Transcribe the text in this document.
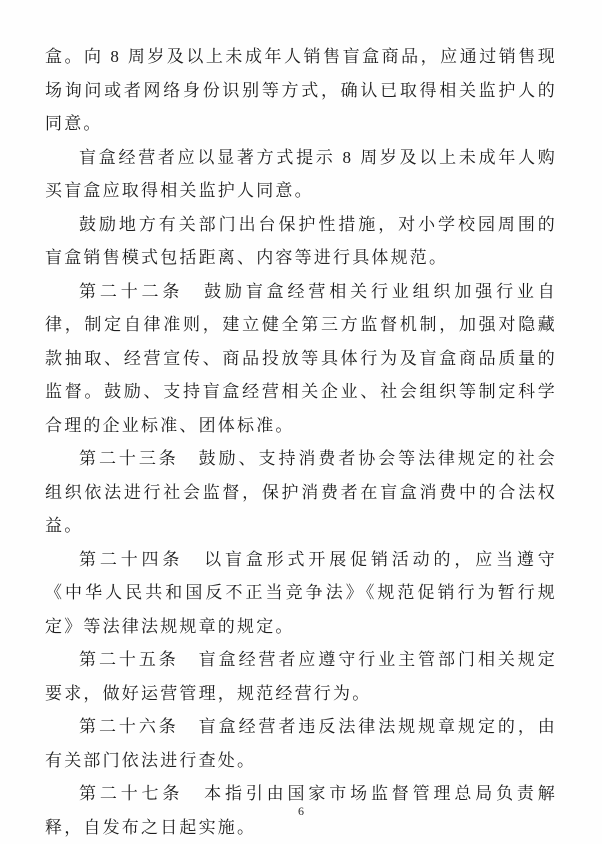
盒。向 8 周岁及以上未成年人销售盲盒商品，应通过销售现场询问或者网络身份识别等方式，确认已取得相关监护人的同意。

盲盒经营者应以显著方式提示 8 周岁及以上未成年人购买盲盒应取得相关监护人同意。

鼓励地方有关部门出台保护性措施，对小学校园周围的盲盒销售模式包括距离、内容等进行具体规范。

第二十二条　鼓励盲盒经营相关行业组织加强行业自律，制定自律准则，建立健全第三方监督机制，加强对隐藏款抽取、经营宣传、商品投放等具体行为及盲盒商品质量的监督。鼓励、支持盲盒经营相关企业、社会组织等制定科学合理的企业标准、团体标准。

第二十三条　鼓励、支持消费者协会等法律规定的社会组织依法进行社会监督，保护消费者在盲盒消费中的合法权益。

第二十四条　以盲盒形式开展促销活动的，应当遵守《中华人民共和国反不正当竞争法》《规范促销行为暂行规定》等法律法规规章的规定。

第二十五条　盲盒经营者应遵守行业主管部门相关规定要求，做好运营管理，规范经营行为。

第二十六条　盲盒经营者违反法律法规规章规定的，由有关部门依法进行查处。

第二十七条　本指引由国家市场监督管理总局负责解释，自发布之日起实施。

6
